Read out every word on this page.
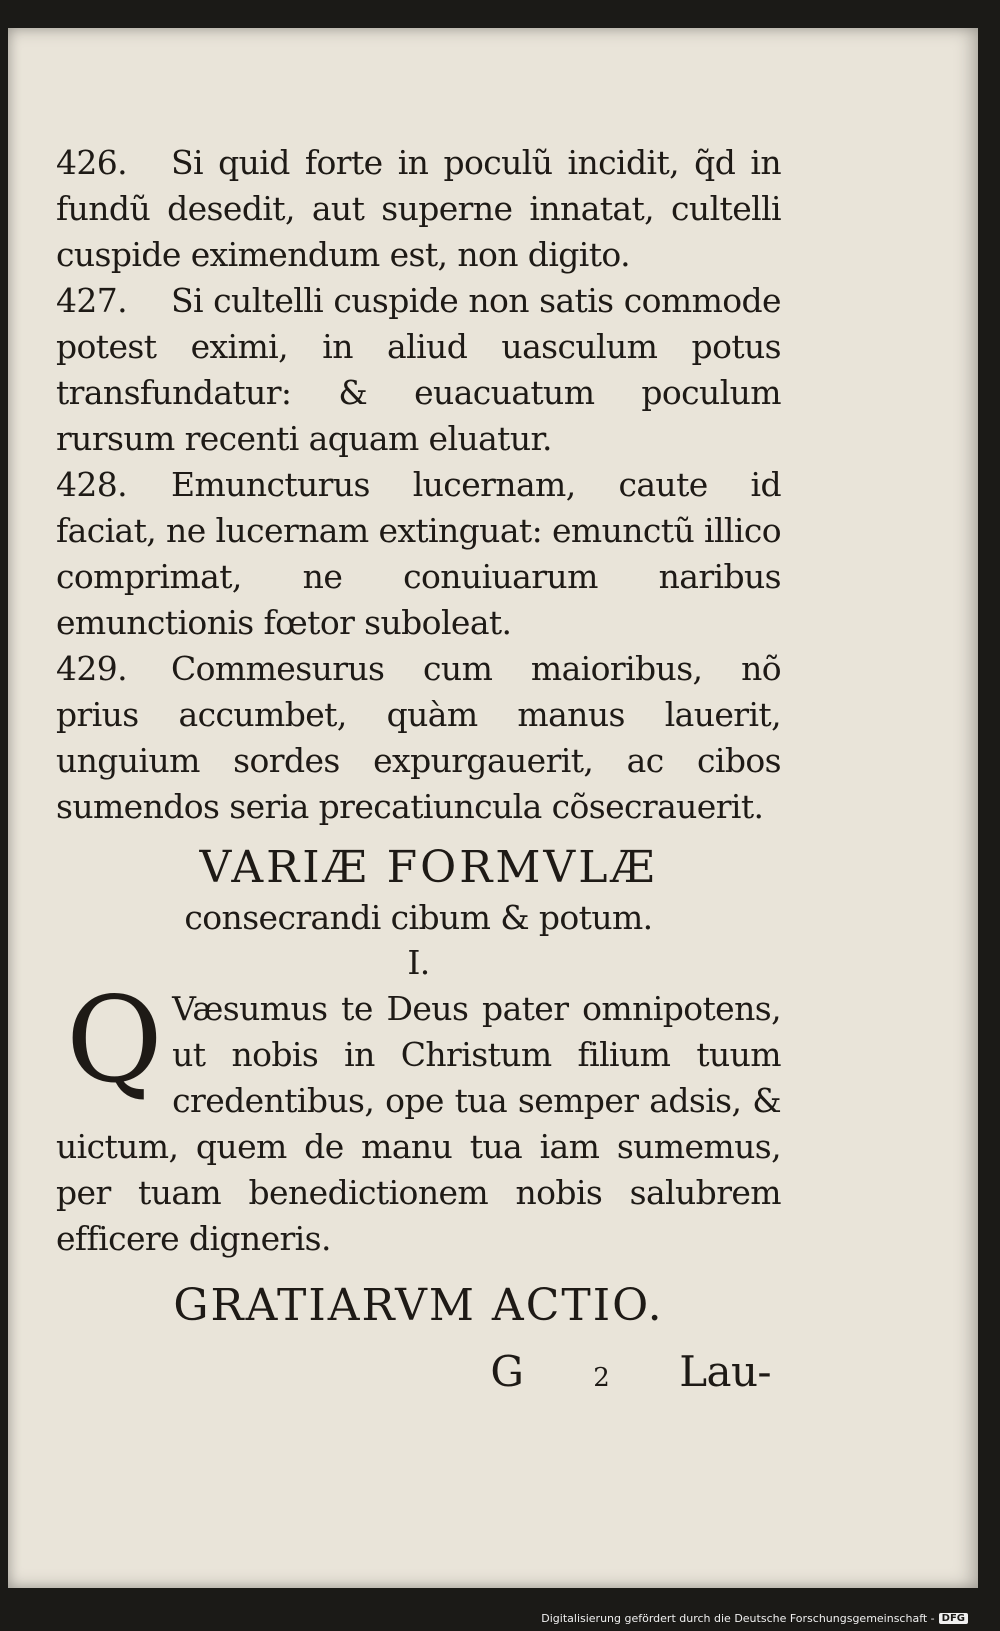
426. Si quid forte in poculũ incidit, q̃d in fundũ desedit, aut superne innatat, cultelli cuspide eximendum est, non digito.

427. Si cultelli cuspide non satis commode potest eximi, in aliud uasculum potus transfundatur: & euacuatum poculum rursum recenti aquam eluatur.

428. Emuncturus lucernam, caute id faciat, ne lucernam extinguat: emunctũ illico comprimat, ne conuiuarum naribus emunctionis fœtor suboleat.

429. Commesurus cum maioribus, nõ prius accumbet, quàm manus lauerit, unguium sordes expurgauerit, ac cibos sumendos seria precatiuncula cõsecrauerit.

VARIÆ FORMVLÆ
consecrandi cibum & potum.
I.

Q Væsumus te Deus pater omnipotens, ut nobis in Christum filium tuum credentibus, ope tua semper adsis, & uictum, quem de manu tua iam sumemus, per tuam benedictionem nobis salubrem efficere digneris.

GRATIARVM ACTIO.
G	2 Lau-
Digitalisierung gefördert durch die Deutsche Forschungsgemeinschaft - DFG
